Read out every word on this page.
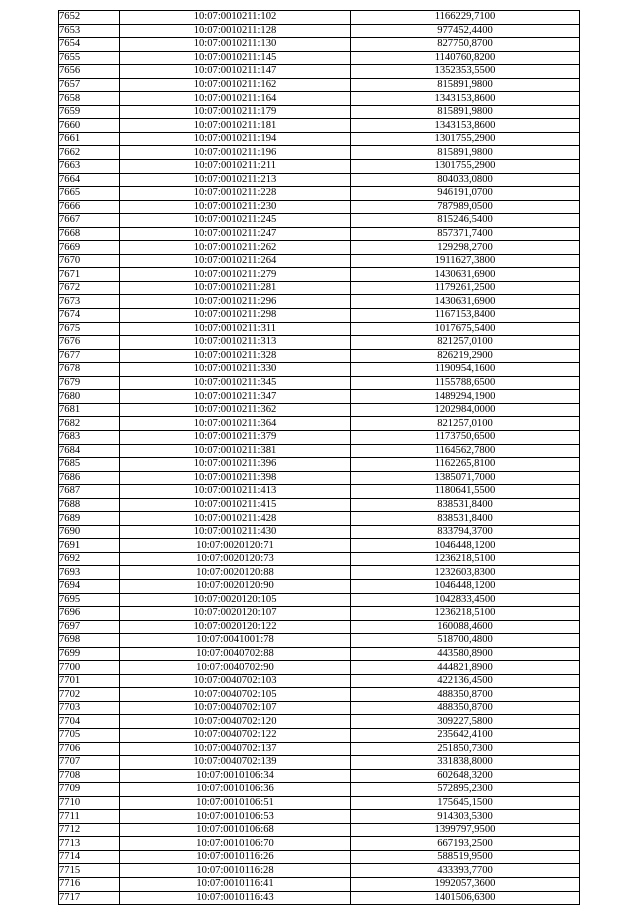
7652	10:07:0010211:102	1166229,7100
7653	10:07:0010211:128	977452,4400
7654	10:07:0010211:130	827750,8700
7655	10:07:0010211:145	1140760,8200
7656	10:07:0010211:147	1352353,5500
7657	10:07:0010211:162	815891,9800
7658	10:07:0010211:164	1343153,8600
7659	10:07:0010211:179	815891,9800
7660	10:07:0010211:181	1343153,8600
7661	10:07:0010211:194	1301755,2900
7662	10:07:0010211:196	815891,9800
7663	10:07:0010211:211	1301755,2900
7664	10:07:0010211:213	804033,0800
7665	10:07:0010211:228	946191,0700
7666	10:07:0010211:230	787989,0500
7667	10:07:0010211:245	815246,5400
7668	10:07:0010211:247	857371,7400
7669	10:07:0010211:262	129298,2700
7670	10:07:0010211:264	1911627,3800
7671	10:07:0010211:279	1430631,6900
7672	10:07:0010211:281	1179261,2500
7673	10:07:0010211:296	1430631,6900
7674	10:07:0010211:298	1167153,8400
7675	10:07:0010211:311	1017675,5400
7676	10:07:0010211:313	821257,0100
7677	10:07:0010211:328	826219,2900
7678	10:07:0010211:330	1190954,1600
7679	10:07:0010211:345	1155788,6500
7680	10:07:0010211:347	1489294,1900
7681	10:07:0010211:362	1202984,0000
7682	10:07:0010211:364	821257,0100
7683	10:07:0010211:379	1173750,6500
7684	10:07:0010211:381	1164562,7800
7685	10:07:0010211:396	1162265,8100
7686	10:07:0010211:398	1385071,7000
7687	10:07:0010211:413	1180641,5500
7688	10:07:0010211:415	838531,8400
7689	10:07:0010211:428	838531,8400
7690	10:07:0010211:430	833794,3700
7691	10:07:0020120:71	1046448,1200
7692	10:07:0020120:73	1236218,5100
7693	10:07:0020120:88	1232603,8300
7694	10:07:0020120:90	1046448,1200
7695	10:07:0020120:105	1042833,4500
7696	10:07:0020120:107	1236218,5100
7697	10:07:0020120:122	160088,4600
7698	10:07:0041001:78	518700,4800
7699	10:07:0040702:88	443580,8900
7700	10:07:0040702:90	444821,8900
7701	10:07:0040702:103	422136,4500
7702	10:07:0040702:105	488350,8700
7703	10:07:0040702:107	488350,8700
7704	10:07:0040702:120	309227,5800
7705	10:07:0040702:122	235642,4100
7706	10:07:0040702:137	251850,7300
7707	10:07:0040702:139	331838,8000
7708	10:07:0010106:34	602648,3200
7709	10:07:0010106:36	572895,2300
7710	10:07:0010106:51	175645,1500
7711	10:07:0010106:53	914303,5300
7712	10:07:0010106:68	1399797,9500
7713	10:07:0010106:70	667193,2500
7714	10:07:0010116:26	588519,9500
7715	10:07:0010116:28	433393,7700
7716	10:07:0010116:41	1992057,3600
7717	10:07:0010116:43	1401506,6300
